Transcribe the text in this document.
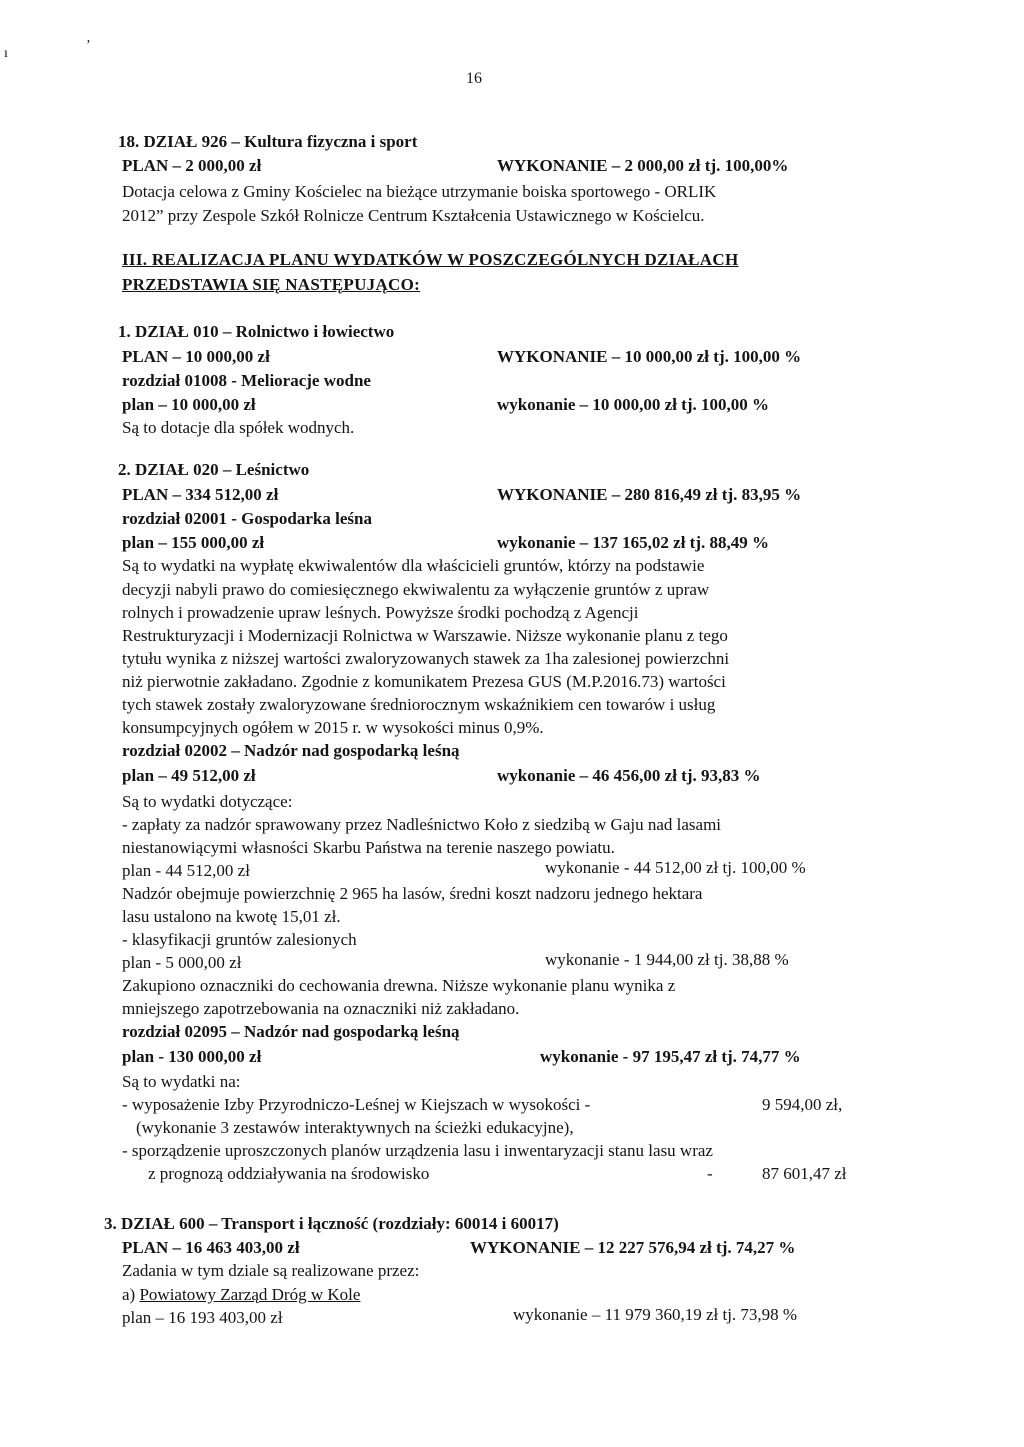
ı
ʼ
16
18. DZIAŁ 926 – Kultura fizyczna i sport
PLAN – 2 000,00 zł	WYKONANIE – 2 000,00 zł tj. 100,00%
Dotacja celowa z Gminy Kościelec na bieżące utrzymanie boiska sportowego - ORLIK
2012” przy Zespole Szkół Rolnicze Centrum Kształcenia Ustawicznego w Kościelcu.
III. REALIZACJA PLANU WYDATKÓW W POSZCZEGÓLNYCH DZIAŁACH
PRZEDSTAWIA SIĘ NASTĘPUJĄCO:
1. DZIAŁ 010 – Rolnictwo i łowiectwo
PLAN – 10 000,00 zł	WYKONANIE – 10 000,00 zł tj. 100,00 %
rozdział 01008 - Melioracje wodne
plan – 10 000,00 zł	wykonanie – 10 000,00 zł tj. 100,00 %
Są to dotacje dla spółek wodnych.
2. DZIAŁ 020 – Leśnictwo
PLAN – 334 512,00 zł	WYKONANIE – 280 816,49 zł tj. 83,95 %
rozdział 02001 - Gospodarka leśna
plan – 155 000,00 zł	wykonanie – 137 165,02 zł tj. 88,49 %
Są to wydatki na wypłatę ekwiwalentów dla właścicieli gruntów, którzy na podstawie
decyzji nabyli prawo do comiesięcznego ekwiwalentu za wyłączenie gruntów z upraw
rolnych i prowadzenie upraw leśnych. Powyższe środki pochodzą z Agencji
Restrukturyzacji i Modernizacji Rolnictwa w Warszawie. Niższe wykonanie planu z tego
tytułu wynika z niższej wartości zwaloryzowanych stawek za 1ha zalesionej powierzchni
niż pierwotnie zakładano. Zgodnie z komunikatem Prezesa GUS (M.P.2016.73) wartości
tych stawek zostały zwaloryzowane średniorocznym wskaźnikiem cen towarów i usług
konsumpcyjnych ogółem w 2015 r. w wysokości minus 0,9%.
rozdział 02002 – Nadzór nad gospodarką leśną
plan – 49 512,00 zł	wykonanie – 46 456,00 zł tj. 93,83 %
Są to wydatki dotyczące:
- zapłaty za nadzór sprawowany przez Nadleśnictwo Koło z siedzibą w Gaju nad lasami
niestanowiącymi własności Skarbu Państwa na terenie naszego powiatu.
plan - 44 512,00 zł	wykonanie - 44 512,00 zł tj. 100,00 %
Nadzór obejmuje powierzchnię 2 965 ha lasów, średni koszt nadzoru jednego hektara
lasu ustalono na kwotę 15,01 zł.
- klasyfikacji gruntów zalesionych
plan - 5 000,00 zł	wykonanie - 1 944,00 zł tj. 38,88 %
Zakupiono oznaczniki do cechowania drewna. Niższe wykonanie planu wynika z
mniejszego zapotrzebowania na oznaczniki niż zakładano.
rozdział 02095 – Nadzór nad gospodarką leśną
plan - 130 000,00 zł	wykonanie - 97 195,47 zł tj. 74,77 %
Są to wydatki na:
- wyposażenie Izby Przyrodniczo-Leśnej w Kiejszach w wysokości -	9 594,00 zł,
(wykonanie 3 zestawów interaktywnych na ścieżki edukacyjne),
- sporządzenie uproszczonych planów urządzenia lasu i inwentaryzacji stanu lasu wraz
z prognozą oddziaływania na środowisko	-	87 601,47 zł
3. DZIAŁ 600 – Transport i łączność (rozdziały: 60014 i 60017)
PLAN – 16 463 403,00 zł	WYKONANIE – 12 227 576,94 zł tj. 74,27 %
Zadania w tym dziale są realizowane przez:
a) Powiatowy Zarząd Dróg w Kole
plan – 16 193 403,00 zł	wykonanie – 11 979 360,19 zł tj. 73,98 %
